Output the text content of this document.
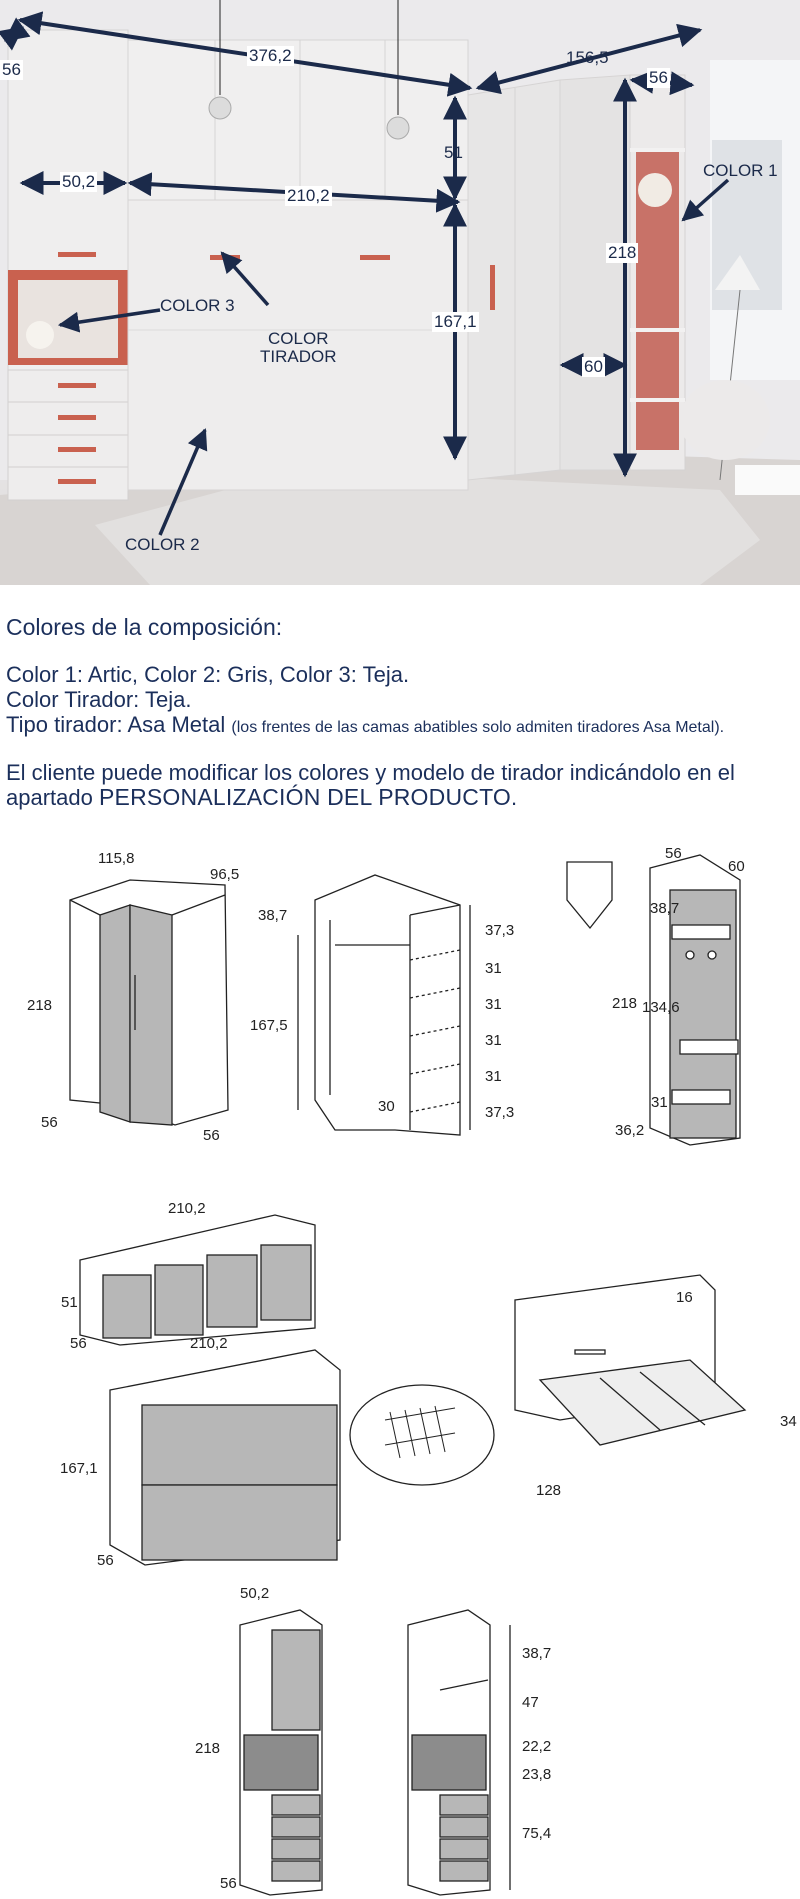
56
376,2	156,5
56
51
50,2
210,2
218
167,1
60
COLOR 1
COLOR 3
COLOR
TIRADOR
COLOR 2
Colores de la composición:
Color 1: Artic, Color 2: Gris, Color 3: Teja.
Color Tirador: Teja.
Tipo tirador: Asa Metal (los frentes de las camas abatibles solo admiten tiradores Asa Metal).
El cliente puede modificar los colores y modelo de tirador indicándolo en el apartado PERSONALIZACIÓN DEL PRODUCTO.
115,8
96,5
218
56
56
38,7
167,5
37,3
31
31
31
31
37,3
30
56
60
38,7
218 134,6
31
36,2
210,2
51
56	210,2
167,1
56
34
128
16
50,2
218
56
38,7
47
22,2
23,8
75,4
